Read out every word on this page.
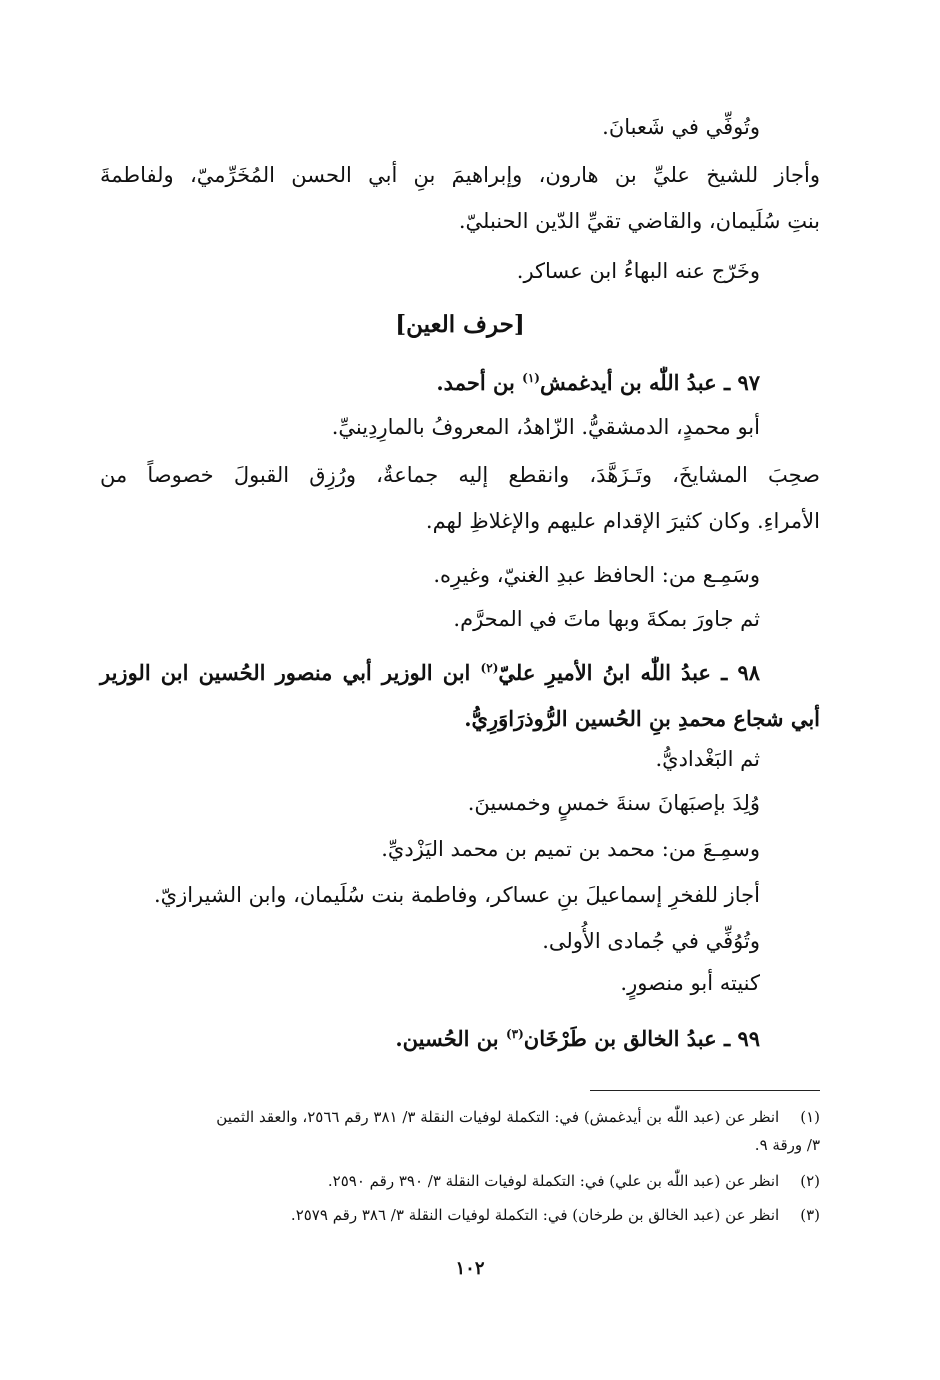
وتُوفِّي في شَعبانَ.
وأجاز للشيخ عليِّ بن هارون، وإبراهيمَ بنِ أبي الحسن المُخَرِّميّ، ولفاطمةَ
بنتِ سُلَيمان، والقاضي تقيِّ الدّين الحنبليّ.
وخَرّج عنه البهاءُ ابن عساكر.
[حرف العين]
٩٧ ـ عبدُ اللّٰه بن أيدغمش$^{(١)}$ بن أحمد.
أبو محمدٍ، الدمشقيُّ. الزّاهدُ، المعروفُ بالمارِدِينيِّ.
صحِبَ المشايخَ، وتَـزَهَّدَ، وانقطع إليه جماعةٌ، ورُزِق القبولَ خصوصاً من
الأمراءِ. وكان كثيرَ الإقدام عليهم والإغلاظِ لهم.
وسَمِـع من: الحافظ عبدِ الغنيّ، وغيرِه.
ثم جاورَ بمكةَ وبها ماتَ في المحرَّم.
٩٨ ـ عبدُ اللّٰه ابنُ الأميرِ عليّ$^{(٢)}$ ابن الوزير أبي منصور الحُسين ابن الوزير
أبي شجاع محمدِ بنِ الحُسين الرُّوذرَاوَرِيُّ.
ثم البَغْداديُّ.
وُلِدَ بإصبَهانَ سنةَ خمسٍ وخمسينَ.
وسمِـعَ من: محمد بن تميم بن محمد اليَزْديِّ.
أجاز للفخرِ إسماعيلَ بنِ عساكر، وفاطمة بنت سُلَيمان، وابن الشيرازيّ.
وتُوُفِّي في جُمادى الأُولى.
كنيته أبو منصورٍ.
٩٩ ـ عبدُ الخالق بن طَرْخَان$^{(٣)}$ بن الحُسين.
(١) انظر عن (عبد اللّٰه بن أيدغمش) في: التكملة لوفيات النقلة ٣/ ٣٨١ رقم ٢٥٦٦، والعقد الثمين
٣/ ورقة ٩.
(٢) انظر عن (عبد اللّٰه بن علي) في: التكملة لوفيات النقلة ٣/ ٣٩٠ رقم ٢٥٩٠.
(٣) انظر عن (عبد الخالق بن طرخان) في: التكملة لوفيات النقلة ٣/ ٣٨٦ رقم ٢٥٧٩.
١٠٢
